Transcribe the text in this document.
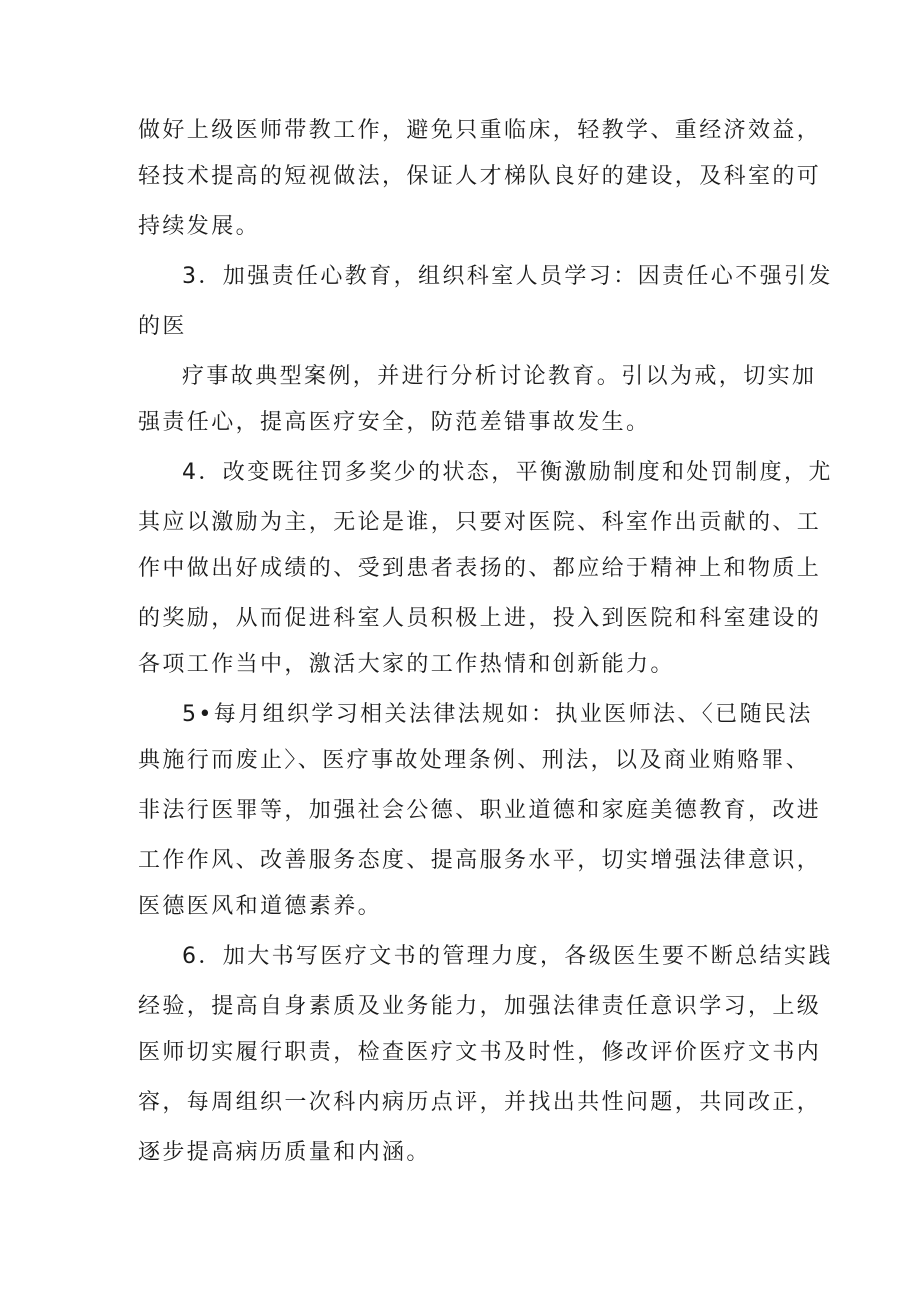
做好上级医师带教工作，避免只重临床，轻教学、重经济效益，

轻技术提高的短视做法，保证人才梯队良好的建设，及科室的可

持续发展。

3．加强责任心教育，组织科室人员学习：因责任心不强引发

的医

疗事故典型案例，并进行分析讨论教育。引以为戒，切实加

强责任心，提高医疗安全，防范差错事故发生。

4．改变既往罚多奖少的状态，平衡激励制度和处罚制度，尤

其应以激励为主，无论是谁，只要对医院、科室作出贡献的、工

作中做出好成绩的、受到患者表扬的、都应给于精神上和物质上

的奖励，从而促进科室人员积极上进，投入到医院和科室建设的

各项工作当中，激活大家的工作热情和创新能力。

5•每月组织学习相关法律法规如：执业医师法、〈已随民法

典施行而废止〉、医疗事故处理条例、刑法，以及商业贿赂罪、

非法行医罪等，加强社会公德、职业道德和家庭美德教育，改进

工作作风、改善服务态度、提高服务水平，切实增强法律意识，

医德医风和道德素养。

6．加大书写医疗文书的管理力度，各级医生要不断总结实践

经验，提高自身素质及业务能力，加强法律责任意识学习，上级

医师切实履行职责，检查医疗文书及时性，修改评价医疗文书内

容，每周组织一次科内病历点评，并找出共性问题，共同改正，

逐步提高病历质量和内涵。
